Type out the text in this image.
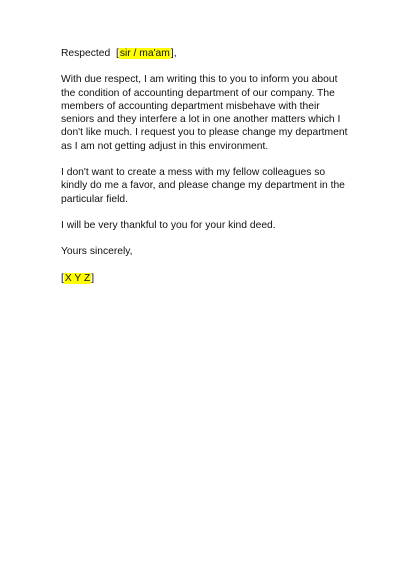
Respected  [sir / ma'am],

With due respect, I am writing this to you to inform you about
the condition of accounting department of our company. The
members of accounting department misbehave with their
seniors and they interfere a lot in one another matters which I
don't like much. I request you to please change my department
as I am not getting adjust in this environment.

I don't want to create a mess with my fellow colleagues so
kindly do me a favor, and please change my department in the
particular field.

I will be very thankful to you for your kind deed.

Yours sincerely,

[X Y Z]
